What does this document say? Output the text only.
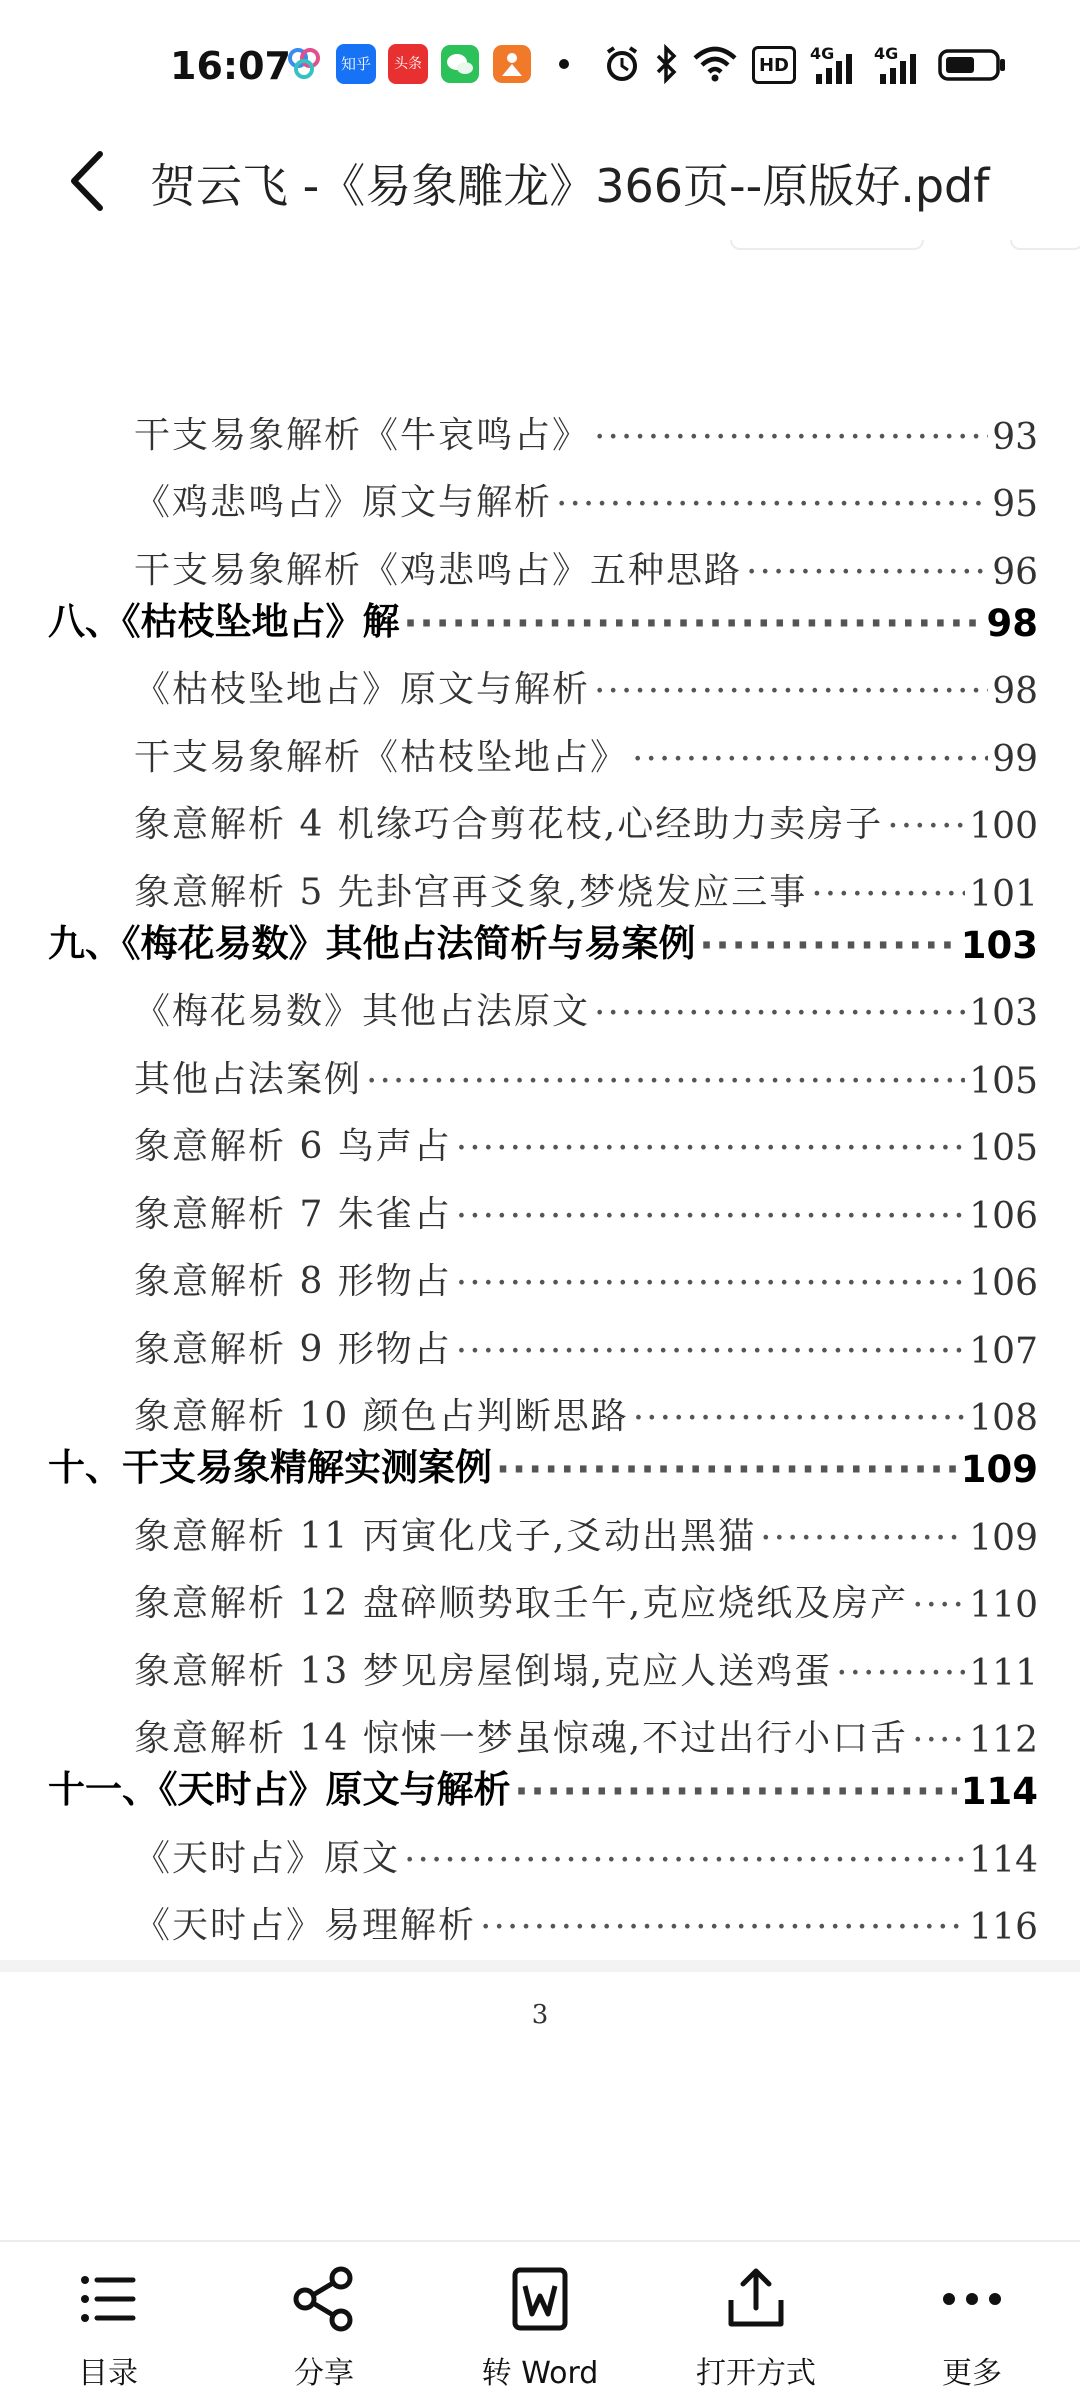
16:07	知乎	头条	HD
4G 4G
贺云飞 -《易象雕龙》366页--原版好.pdf
干支易象解析《牛哀鸣占》 ·····	93
《鸡悲鸣占》原文与解析 ·····	95
干支易象解析《鸡悲鸣占》五种思路 ·····	96
八、《枯枝坠地占》解 ·····	98
《枯枝坠地占》原文与解析 ·····	98
干支易象解析《枯枝坠地占》 ·····	99
象意解析 4 机缘巧合剪花枝,心经助力卖房子 ····· 100
象意解析 5 先卦宫再爻象,梦烧发应三事 ·····	101
九、《梅花易数》其他占法简析与易案例 ·····	103
《梅花易数》其他占法原文 ·····	103
其他占法案例 ·····	105
象意解析 6 鸟声占 ·····	105
象意解析 7 朱雀占 ·····	106
象意解析 8 形物占 ·····	106
象意解析 9 形物占 ·····	107
象意解析 10 颜色占判断思路 ·····	108
十、干支易象精解实测案例 ·····	109
象意解析 11 丙寅化戊子,爻动出黑猫 ·····	109
象意解析 12 盘碎顺势取壬午,克应烧纸及房产 ····· 110
象意解析 13 梦见房屋倒塌,克应人送鸡蛋 ·····	111
象意解析 14 惊悚一梦虽惊魂,不过出行小口舌 ····· 112
十一、《天时占》原文与解析 ·····	114
《天时占》原文 ·····	114
《天时占》易理解析 ·····	116
3
目录	分享	转 Word	打开方式	更多
